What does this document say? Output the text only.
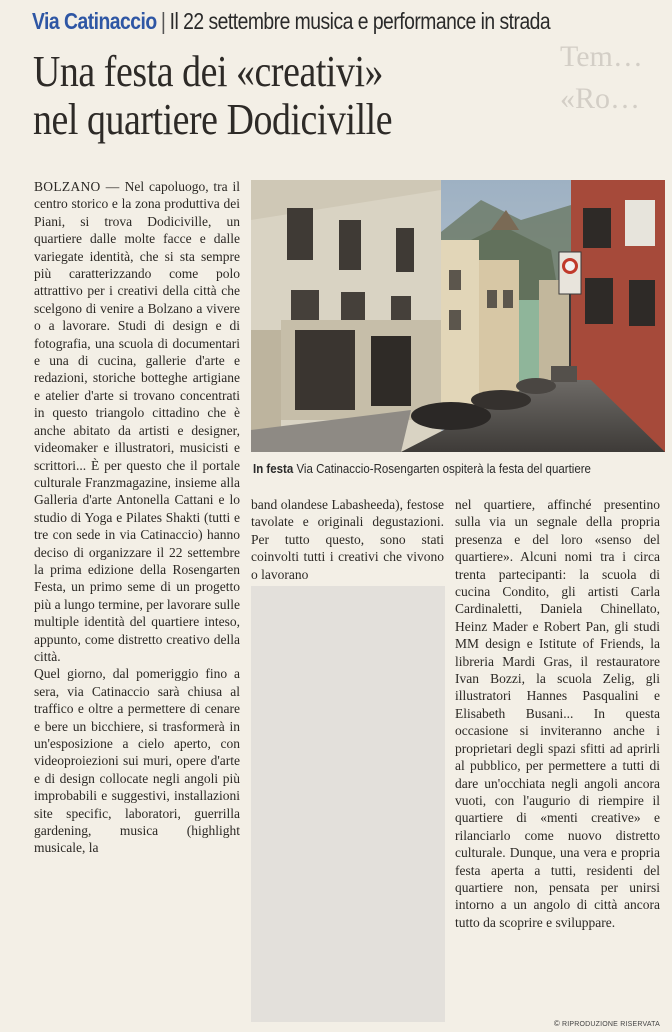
Via Catinacciо | Il 22 settembre musica e performance in strada
Tem… «Ro…
Una festa dei «creativi»
nel quartiere Dodiciville

BOLZANO — Nel capoluogo, tra il centro storico e la zona produttiva dei Piani, si trova Dodiciville, un quartiere dalle molte facce e dalle variegate identità, che si sta sempre più caratterizzando come polo attrattivo per i creativi della città che scelgono di venire a Bolzano a vivere o a lavorare. Studi di design e di fotografia, una scuola di documentari e una di cucina, gallerie d'arte e redazioni, storiche botteghe artigiane e atelier d'arte si trovano concentrati in questo triangolo cittadino che è anche abitato da artisti e designer, videomaker e illustratori, musicisti e scrittori... È per questo che il portale culturale Franzmagazine, insieme alla Galleria d'arte Antonella Cattani e lo studio di Yoga e Pilates Shakti (tutti e tre con sede in via Catinaccio) hanno deciso di organizzare il 22 settembre la prima edizione della Rosengarten Festa, un primo seme di un progetto più a lungo termine, per lavorare sulle multiple identità del quartiere inteso, appunto, come distretto creativo della città.

Quel giorno, dal pomeriggio fino a sera, via Catinaccio sarà chiusa al traffico e oltre a permettere di cenare e bere un bicchiere, si trasformerà in un'esposizione a cielo aperto, con videoproiezioni sui muri, opere d'arte e di design collocate negli angoli più improbabili e suggestivi, installazioni site specific, laboratori, guerrilla gardening, musica (highlight musicale, la

In festa Via Catinaccio-Rosengarten ospiterà la festa del quartiere

band olandese Labasheeda), festose tavolate e originali degustazioni. Per tutto questo, sono stati coinvolti tutti i creativi che vivono o lavorano

nel quartiere, affinché presentino sulla via un segnale della propria presenza e del loro «senso del quartiere». Alcuni nomi tra i circa trenta partecipanti: la scuola di cucina Condito, gli artisti Carla Cardinaletti, Daniela Chinellato, Heinz Mader e Robert Pan, gli studi MM design e Istitute of Friends, la libreria Mardi Gras, il restauratore Ivan Bozzi, la scuola Zelig, gli illustratori Hannes Pasqualini e Elisabeth Busani... In questa occasione si inviteranno anche i proprietari degli spazi sfitti ad aprirli al pubblico, per permettere a tutti di dare un'occhiata negli angoli ancora vuoti, con l'augurio di riempire il quartiere di «menti creative» e rilanciarlo come nuovo distretto culturale. Dunque, una vera e propria festa aperta a tutti, residenti del quartiere non, pensata per unirsi intorno a un angolo di città ancora tutto da scoprire e sviluppare.

© RIPRODUZIONE RISERVATA
